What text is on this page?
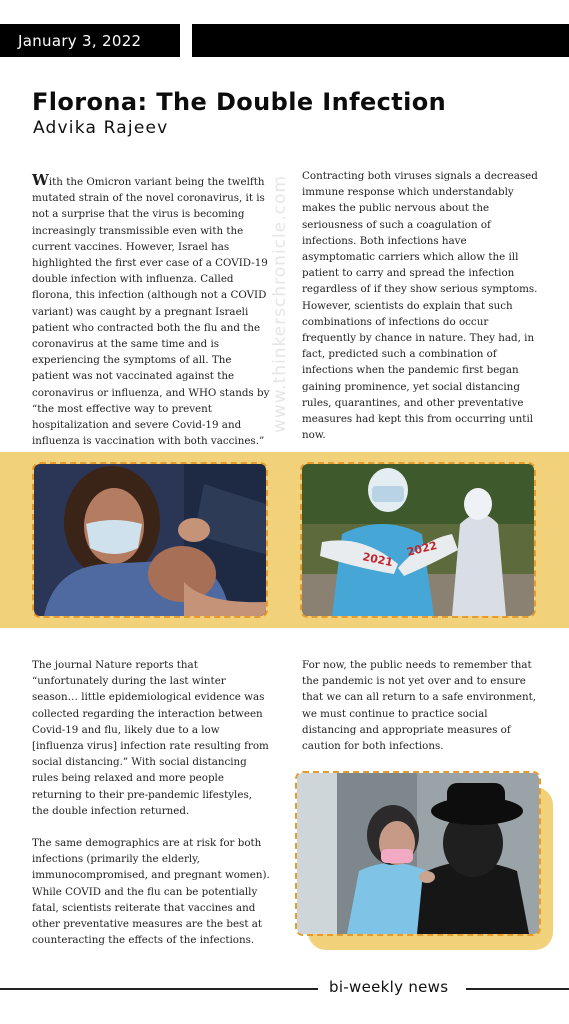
January 3, 2022
Florona: The Double Infection
Advika Rajeev
www.thinkerschronicle.com

With the Omicron variant being the twelfth mutated strain of the novel coronavirus, it is not a surprise that the virus is becoming increasingly transmissible even with the current vaccines. However, Israel has highlighted the first ever case of a COVID-19 double infection with influenza. Called florona, this infection (although not a COVID variant) was caught by a pregnant Israeli patient who contracted both the flu and the coronavirus at the same time and is experiencing the symptoms of all. The patient was not vaccinated against the coronavirus or influenza, and WHO stands by “the most effective way to prevent hospitalization and severe Covid-19 and influenza is vaccination with both vaccines.”

Contracting both viruses signals a decreased immune response which understandably makes the public nervous about the seriousness of such a coagulation of infections. Both infections have asymptomatic carriers which allow the ill patient to carry and spread the infection regardless of if they show serious symptoms. However, scientists do explain that such combinations of infections do occur frequently by chance in nature. They had, in fact, predicted such a combination of infections when the pandemic first began gaining prominence, yet social distancing rules, quarantines, and other preventative measures had kept this from occurring until now.

2021
2022

The journal Nature reports that “unfortunately during the last winter season… little epidemiological evidence was collected regarding the interaction between Covid-19 and flu, likely due to a low [influenza virus] infection rate resulting from social distancing.” With social distancing rules being relaxed and more people returning to their pre-pandemic lifestyles, the double infection returned.

The same demographics are at risk for both infections (primarily the elderly, immunocompromised, and pregnant women). While COVID and the flu can be potentially fatal, scientists reiterate that vaccines and other preventative measures are the best at counteracting the effects of the infections.

For now, the public needs to remember that the pandemic is not yet over and to ensure that we can all return to a safe environment, we must continue to practice social distancing and appropriate measures of caution for both infections.

bi-weekly news
